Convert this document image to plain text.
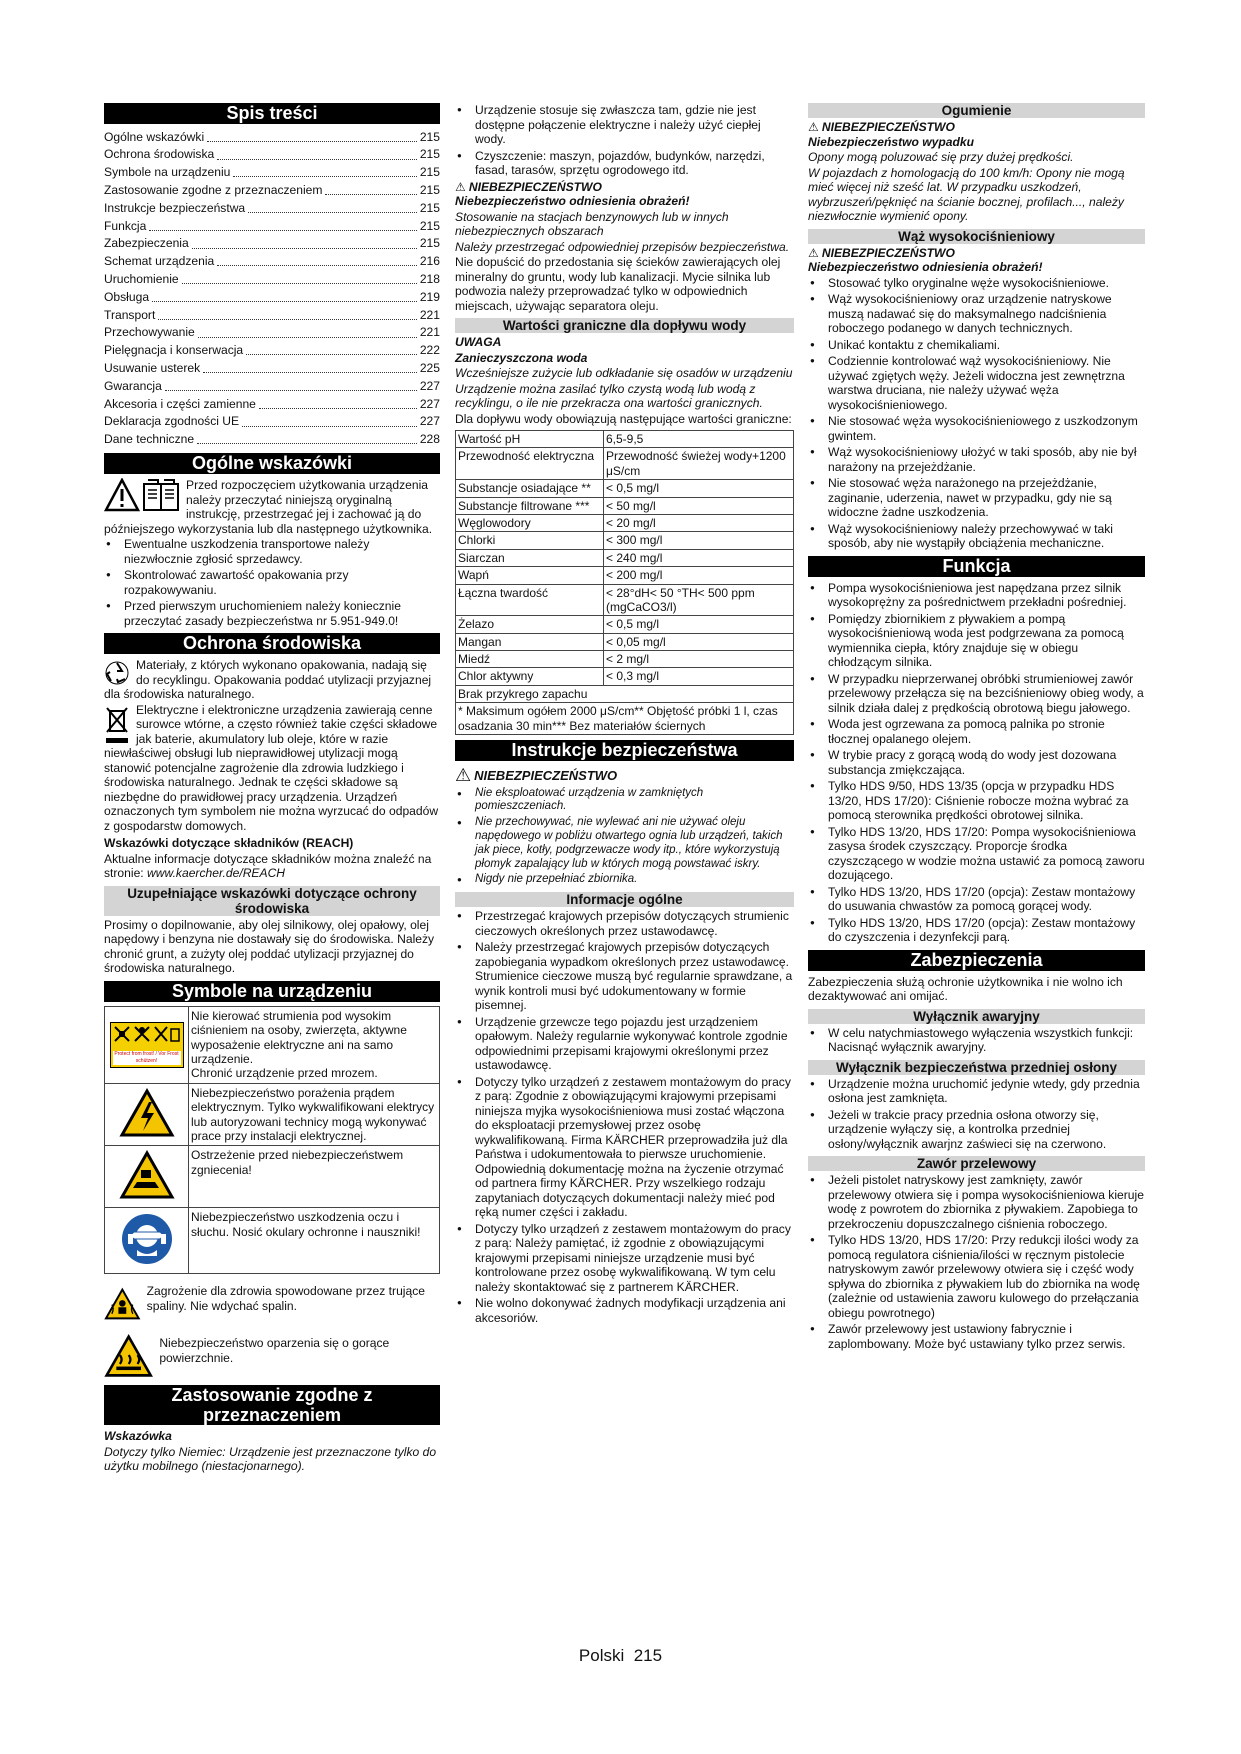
Spis treści
Ogólne wskazówki	215
Ochrona środowiska	215
Symbole na urządzeniu	215
Zastosowanie zgodne z przeznaczeniem	215
Instrukcje bezpieczeństwa	215
Funkcja	215
Zabezpieczenia	215
Schemat urządzenia	216
Uruchomienie	218
Obsługa	219
Transport	221
Przechowywanie	221
Pielęgnacja i konserwacja	222
Usuwanie usterek	225
Gwarancja	227
Akcesoria i części zamienne	227
Deklaracja zgodności UE	227
Dane techniczne	228
Ogólne wskazówki

Przed rozpoczęciem użytkowania urządzenia należy przeczytać niniejszą oryginalną instrukcję, przestrzegać jej i zachować ją do późniejszego wykorzystania lub dla następnego użytkownika.

● Ewentualne uszkodzenia transportowe należy niezwłocznie zgłosić sprzedawcy.
● Skontrolować zawartość opakowania przy rozpakowywaniu.
● Przed pierwszym uruchomieniem należy koniecznie przeczytać zasady bezpieczeństwa nr 5.951-949.0!
Ochrona środowiska

Materiały, z których wykonano opakowania, nadają się do recyklingu. Opakowania poddać utylizacji przyjaznej dla środowiska naturalnego.

Elektryczne i elektroniczne urządzenia zawierają cenne surowce wtórne, a często również takie części składowe jak baterie, akumulatory lub oleje, które w razie niewłaściwej obsługi lub nieprawidłowej utylizacji mogą stanowić potencjalne zagrożenie dla zdrowia ludzkiego i środowiska naturalnego. Jednak te części składowe są niezbędne do prawidłowej pracy urządzenia. Urządzeń oznaczonych tym symbolem nie można wyrzucać do odpadów z gospodarstw domowych.

Wskazówki dotyczące składników (REACH)

Aktualne informacje dotyczące składników można znaleźć na stronie: www.kaercher.de/REACH

Uzupełniające wskazówki dotyczące ochrony środowiska

Prosimy o dopilnowanie, aby olej silnikowy, olej opałowy, olej napędowy i benzyna nie dostawały się do środowiska. Należy chronić grunt, a zużyty olej poddać utylizacji przyjaznej do środowiska naturalnego.

Symbole na urządzeniu
Protect from frost! / Vor Frost schützen!	Nie kierować strumienia pod wysokim ciśnieniem na osoby, zwierzęta, aktywne wyposażenie elektryczne ani na samo urządzenie.
Chronić urządzenie przed mrozem.
	Niebezpieczeństwo porażenia prądem elektrycznym. Tylko wykwalifikowani elektrycy lub autoryzowani technicy mogą wykonywać prace przy instalacji elektrycznej.
	Ostrzeżenie przed niebezpieczeństwem zgniecenia!
	Niebezpieczeństwo uszkodzenia oczu i słuchu. Nosić okulary ochronne i nauszniki!

Zagrożenie dla zdrowia spowodowane przez trujące spaliny. Nie wdychać spalin.

Niebezpieczeństwo oparzenia się o gorące powierzchnie.

Zastosowanie zgodne z przeznaczeniem

Wskazówka

Dotyczy tylko Niemiec: Urządzenie jest przeznaczone tylko do użytku mobilnego (niestacjonarnego).

● Urządzenie stosuje się zwłaszcza tam, gdzie nie jest dostępne połączenie elektryczne i należy użyć ciepłej wody.
● Czyszczenie: maszyn, pojazdów, budynków, narzędzi, fasad, tarasów, sprzętu ogrodowego itd.
⚠ NIEBEZPIECZEŃSTWO

Niebezpieczeństwo odniesienia obrażeń!

Stosowanie na stacjach benzynowych lub w innych niebezpiecznych obszarach

Należy przestrzegać odpowiedniej przepisów bezpieczeństwa.

Nie dopuścić do przedostania się ścieków zawierających olej mineralny do gruntu, wody lub kanalizacji. Mycie silnika lub podwozia należy przeprowadzać tylko w odpowiednich miejscach, używając separatora oleju.

Wartości graniczne dla dopływu wody

UWAGA

Zanieczyszczona woda

Wcześniejsze zużycie lub odkładanie się osadów w urządzeniu

Urządzenie można zasilać tylko czystą wodą lub wodą z recyklingu, o ile nie przekracza ona wartości granicznych.

Dla dopływu wody obowiązują następujące wartości graniczne:

Wartość pH	6,5-9,5
Przewodność elektryczna	Przewodność świeżej wody+1200 μS/cm
Substancje osiadające **	< 0,5 mg/l
Substancje filtrowane ***	< 50 mg/l
Węglowodory	< 20 mg/l
Chlorki	< 300 mg/l
Siarczan	< 240 mg/l
Wapń	< 200 mg/l
Łączna twardość	< 28°dH< 50 °TH< 500 ppm (mgCaCO3/l)
Żelazo	< 0,5 mg/l
Mangan	< 0,05 mg/l
Miedź	< 2 mg/l
Chlor aktywny	< 0,3 mg/l
Brak przykrego zapachu	
* Maksimum ogółem 2000 μS/cm** Objętość próbki 1 l, czas osadzania 30 min*** Bez materiałów ściernych	
Instrukcje bezpieczeństwa
⚠ NIEBEZPIECZEŃSTWO
● Nie eksploatować urządzenia w zamkniętych pomieszczeniach.
● Nie przechowywać, nie wylewać ani nie używać oleju napędowego w pobliżu otwartego ognia lub urządzeń, takich jak piece, kotły, podgrzewacze wody itp., które wykorzystują płomyk zapalający lub w których mogą powstawać iskry.
● Nigdy nie przepełniać zbiornika.
Informacje ogólne
● Przestrzegać krajowych przepisów dotyczących strumienic cieczowych określonych przez ustawodawcę.
● Należy przestrzegać krajowych przepisów dotyczących zapobiegania wypadkom określonych przez ustawodawcę. Strumienice cieczowe muszą być regularnie sprawdzane, a wynik kontroli musi być udokumentowany w formie pisemnej.
● Urządzenie grzewcze tego pojazdu jest urządzeniem opałowym. Należy regularnie wykonywać kontrole zgodnie odpowiednimi przepisami krajowymi określonymi przez ustawodawcę.
● Dotyczy tylko urządzeń z zestawem montażowym do pracy z parą: Zgodnie z obowiązującymi krajowymi przepisami niniejsza myjka wysokociśnieniowa musi zostać włączona do eksploatacji przemysłowej przez osobę wykwalifikowaną. Firma KÄRCHER przeprowadziła już dla Państwa i udokumentowała to pierwsze uruchomienie. Odpowiednią dokumentację można na życzenie otrzymać od partnera firmy KÄRCHER. Przy wszelkiego rodzaju zapytaniach dotyczących dokumentacji należy mieć pod ręką numer części i zakładu.
● Dotyczy tylko urządzeń z zestawem montażowym do pracy z parą: Należy pamiętać, iż zgodnie z obowiązującymi krajowymi przepisami niniejsze urządzenie musi być kontrolowane przez osobę wykwalifikowaną. W tym celu należy skontaktować się z partnerem KÄRCHER.
● Nie wolno dokonywać żadnych modyfikacji urządzenia ani akcesoriów.
Ogumienie
⚠ NIEBEZPIECZEŃSTWO

Niebezpieczeństwo wypadku

Opony mogą poluzować się przy dużej prędkości.

W pojazdach z homologacją do 100 km/h: Opony nie mogą mieć więcej niż sześć lat. W przypadku uszkodzeń, wybrzuszeń/pęknięć na ścianie bocznej, profilach..., należy niezwłocznie wymienić opony.

Wąż wysokociśnieniowy
⚠ NIEBEZPIECZEŃSTWO

Niebezpieczeństwo odniesienia obrażeń!

● Stosować tylko oryginalne węże wysokociśnieniowe.
● Wąż wysokociśnieniowy oraz urządzenie natryskowe muszą nadawać się do maksymalnego nadciśnienia roboczego podanego w danych technicznych.
● Unikać kontaktu z chemikaliami.
● Codziennie kontrolować wąż wysokociśnieniowy. Nie używać zgiętych węży. Jeżeli widoczna jest zewnętrzna warstwa druciana, nie należy używać węża wysokociśnieniowego.
● Nie stosować węża wysokociśnieniowego z uszkodzonym gwintem.
● Wąż wysokociśnieniowy ułożyć w taki sposób, aby nie był narażony na przejeżdżanie.
● Nie stosować węża narażonego na przejeżdżanie, zaginanie, uderzenia, nawet w przypadku, gdy nie są widoczne żadne uszkodzenia.
● Wąż wysokociśnieniowy należy przechowywać w taki sposób, aby nie wystąpiły obciążenia mechaniczne.
Funkcja
● Pompa wysokociśnieniowa jest napędzana przez silnik wysokoprężny za pośrednictwem przekładni pośredniej.
● Pomiędzy zbiornikiem z pływakiem a pompą wysokociśnieniową woda jest podgrzewana za pomocą wymiennika ciepła, który znajduje się w obiegu chłodzącym silnika.
● W przypadku nieprzerwanej obróbki strumieniowej zawór przelewowy przełącza się na bezciśnieniowy obieg wody, a silnik działa dalej z prędkością obrotową biegu jałowego.
● Woda jest ogrzewana za pomocą palnika po stronie tłocznej opalanego olejem.
● W trybie pracy z gorącą wodą do wody jest dozowana substancja zmiękczająca.
● Tylko HDS 9/50, HDS 13/35 (opcja w przypadku HDS 13/20, HDS 17/20): Ciśnienie robocze można wybrać za pomocą sterownika prędkości obrotowej silnika.
● Tylko HDS 13/20, HDS 17/20: Pompa wysokociśnieniowa zasysa środek czyszczący. Proporcje środka czyszczącego w wodzie można ustawić za pomocą zaworu dozującego.
● Tylko HDS 13/20, HDS 17/20 (opcja): Zestaw montażowy do usuwania chwastów za pomocą gorącej wody.
● Tylko HDS 13/20, HDS 17/20 (opcja): Zestaw montażowy do czyszczenia i dezynfekcji parą.
Zabezpieczenia

Zabezpieczenia służą ochronie użytkownika i nie wolno ich dezaktywować ani omijać.

Wyłącznik awaryjny
● W celu natychmiastowego wyłączenia wszystkich funkcji: Nacisnąć wyłącznik awaryjny.
Wyłącznik bezpieczeństwa przedniej osłony
● Urządzenie można uruchomić jedynie wtedy, gdy przednia osłona jest zamknięta.
● Jeżeli w trakcie pracy przednia osłona otworzy się, urządzenie wyłączy się, a kontrolka przedniej osłony/wyłącznik awarjnz zaświeci się na czerwono.
Zawór przelewowy
● Jeżeli pistolet natryskowy jest zamknięty, zawór przelewowy otwiera się i pompa wysokociśnieniowa kieruje wodę z powrotem do zbiornika z pływakiem. Zapobiega to przekroczeniu dopuszczalnego ciśnienia roboczego.
● Tylko HDS 13/20, HDS 17/20: Przy redukcji ilości wody za pomocą regulatora ciśnienia/ilości w ręcznym pistolecie natryskowym zawór przelewowy otwiera się i część wody spływa do zbiornika z pływakiem lub do zbiornika na wodę (zależnie od ustawienia zaworu kulowego do przełączania obiegu powrotnego)
● Zawór przelewowy jest ustawiony fabrycznie i zaplombowany. Może być ustawiany tylko przez serwis.
Polski 215
